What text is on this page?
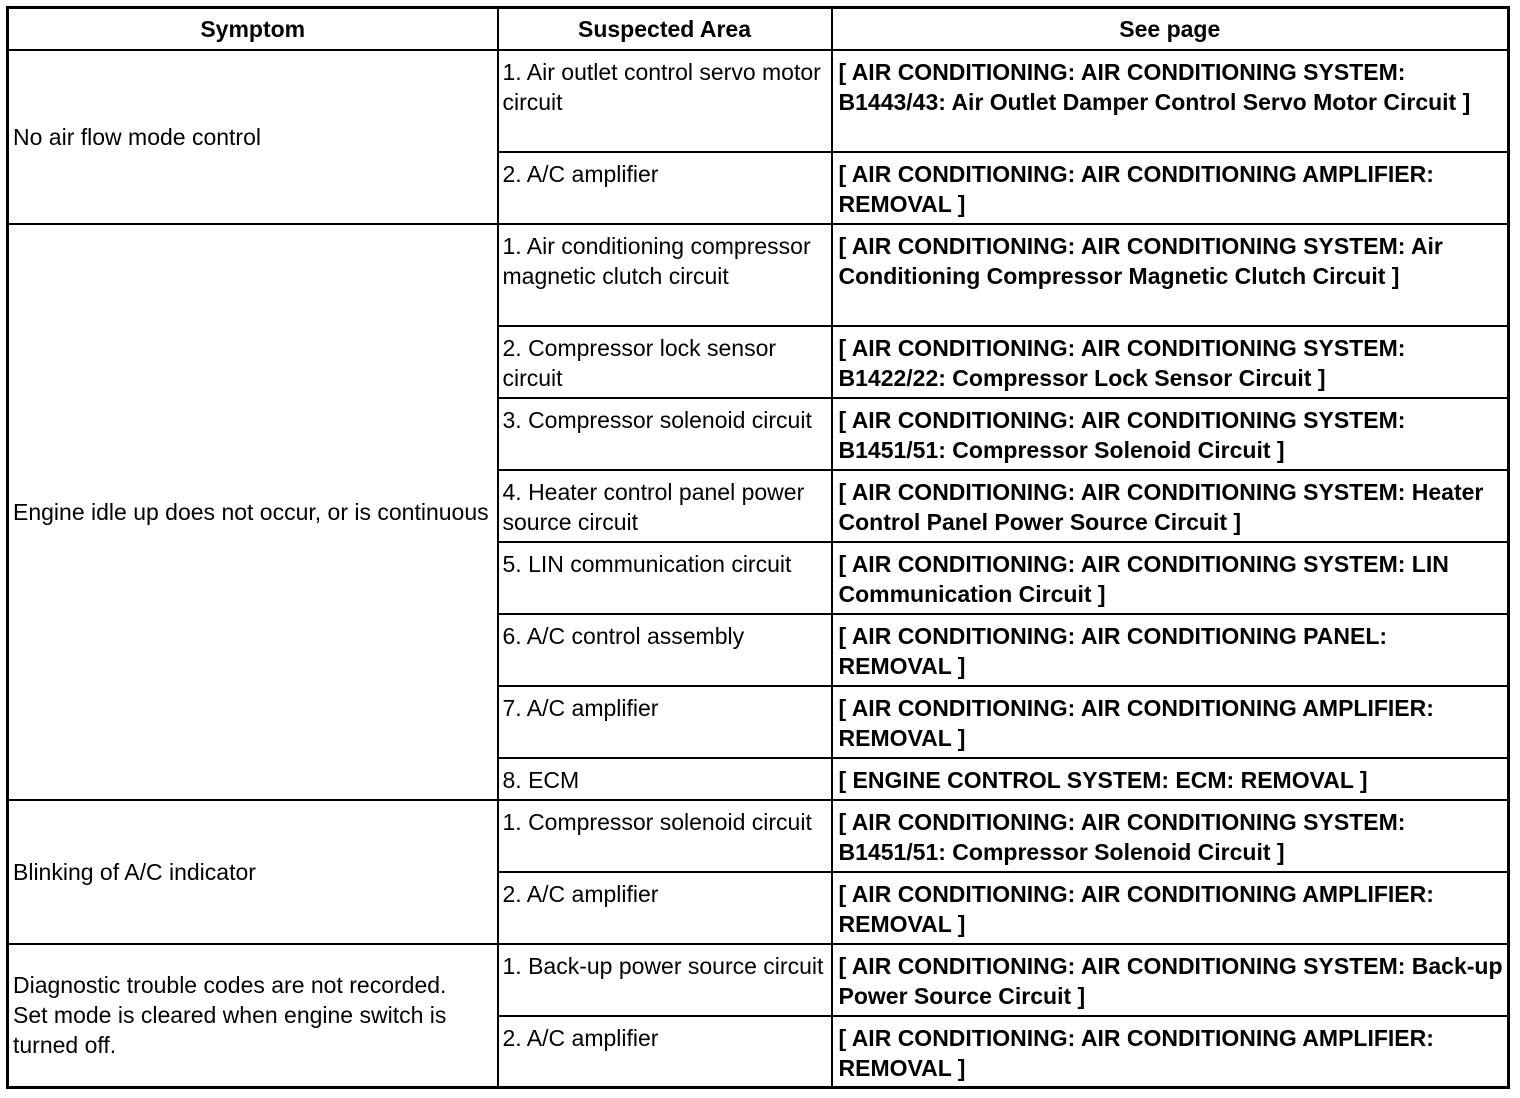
Symptom	Suspected Area	See page

No air flow mode control	1. Air outlet control servo motor circuit	[ AIR CONDITIONING: AIR CONDITIONING SYSTEM: B1443/43: Air Outlet Damper Control Servo Motor Circuit ]
	2. A/C amplifier	[ AIR CONDITIONING: AIR CONDITIONING AMPLIFIER: REMOVAL ]

Engine idle up does not occur, or is continuous	1. Air conditioning compressor magnetic clutch circuit	[ AIR CONDITIONING: AIR CONDITIONING SYSTEM: Air Conditioning Compressor Magnetic Clutch Circuit ]
	2. Compressor lock sensor circuit	[ AIR CONDITIONING: AIR CONDITIONING SYSTEM: B1422/22: Compressor Lock Sensor Circuit ]
	3. Compressor solenoid circuit	[ AIR CONDITIONING: AIR CONDITIONING SYSTEM: B1451/51: Compressor Solenoid Circuit ]
	4. Heater control panel power source circuit	[ AIR CONDITIONING: AIR CONDITIONING SYSTEM: Heater Control Panel Power Source Circuit ]
	5. LIN communication circuit	[ AIR CONDITIONING: AIR CONDITIONING SYSTEM: LIN Communication Circuit ]
	6. A/C control assembly	[ AIR CONDITIONING: AIR CONDITIONING PANEL: REMOVAL ]
	7. A/C amplifier	[ AIR CONDITIONING: AIR CONDITIONING AMPLIFIER: REMOVAL ]
	8. ECM	[ ENGINE CONTROL SYSTEM: ECM: REMOVAL ]

Blinking of A/C indicator	1. Compressor solenoid circuit	[ AIR CONDITIONING: AIR CONDITIONING SYSTEM: B1451/51: Compressor Solenoid Circuit ]
	2. A/C amplifier	[ AIR CONDITIONING: AIR CONDITIONING AMPLIFIER: REMOVAL ]

Diagnostic trouble codes are not recorded.
Set mode is cleared when engine switch is turned off.	1. Back-up power source circuit	[ AIR CONDITIONING: AIR CONDITIONING SYSTEM: Back-up Power Source Circuit ]
	2. A/C amplifier	[ AIR CONDITIONING: AIR CONDITIONING AMPLIFIER: REMOVAL ]
